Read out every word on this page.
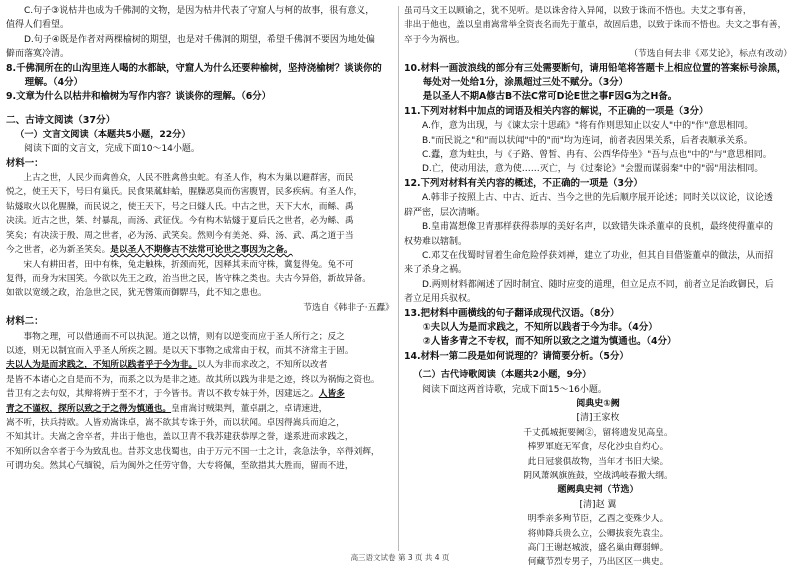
C.句子③说枯井也成为千佛洞的文物，是因为枯井代表了守窟人与柯的故事，很有意义，

值得人们看望。

D.句子④既是作者对两棵榆树的期望，也是对千佛洞的期望，希望千佛洞不要因为地处偏

僻而落寞冷清。

8.千佛洞所在的山沟里连人喝的水都缺，守窟人为什么还要种榆树，坚持浇榆树？谈谈你的

理解。（4分）

9.文章为什么以枯井和榆树为写作内容？谈谈你的理解。（6分）

二、古诗文阅读（37分）

（一）文言文阅读（本题共5小题，22分）

阅读下面的文言文，完成下面10～14小题。

材料一：

上古之世，人民少而禽兽众，人民不胜禽兽虫蛇。有圣人作，构木为巢以避群害，而民

悦之，使王天下，号曰有巢氏。民食果蓏蚌蛤，腥臊恶臭而伤害腹胃，民多疾病。有圣人作，

钻燧取火以化腥臊，而民说之，使王天下，号之曰燧人氏。中古之世，天下大水，而鲧、禹

决渎。近古之世，桀、纣暴乱，而汤、武征伐。今有构木钻燧于夏后氏之世者，必为鲧、禹

笑矣；有决渎于殷、周之世者，必为汤、武笑矣。然则今有美尧、舜、汤、武、禹之道于当

今之世者，必为新圣笑矣。是以圣人不期修古不法常可论世之事因为之备。

宋人有耕田者，田中有株，兔走触株，折颈而死，因释其耒而守株，冀复得兔。兔不可

复得，而身为宋国笑。今欲以先王之政，治当世之民，皆守株之类也。夫古今异俗，新故异备。

如欲以宽缓之政，治急世之民，犹无辔策而御駻马，此不知之患也。

节选自《韩非子·五蠹》

材料二：

事物之理，可以借通而不可以执泥。道之以情，则有以逆变而应于圣人所行之；反之

以迹，则无以制宜而入乎圣人所疾之圆。是以天下事物之成常由于权，而其不济常主于固。

夫以人为是而求践之，不知所以践者乎于今为非。以人为非而求改之，不知所以改者

是皆不本诸心之自是而不为，而系之以为是非之迹。故其所以践为非是之迹，终以为祸悔之资也。

昔卫有之去句奴，其辩将辨于至不才，于今皆书。青以不救专妹于外，因建远之。人皆多

青之不谨权，探所以致之于之得为慎通也。皇甫嵩讨贼渠判，董卓副之，卓请速进，

嵩不听，扶兵持欧。人皆劝嵩诛卓，嵩不欲其专诛于外，而以状闻。卓因得嵩兵而迫之，

不知其计。夫嵩之舍卒者，井出于他也，盖以卫青不我苏建获恭厚之誉，遂系进而求践之，

不知所以舍卒者于今为致乱也。昔苏文忠伐蜀也，由于万元不国一士之计，衾急法争，卒得刘辉，

可谓功矣。然其心气缅锐，后为闽外之任劳守鲁，大专将佩，至欲措其大胜而，留而不进，

虽司马文王以顾谕之，犹不见听。是以诛舍待入异闻，以致于诛而不悟也。夫艾之事有善，

非出于他也，盖以皇甫嵩常举全资丧名而先于董卓，故固后患，以致于诛而不悟也。夫文之事有善，

卒于今为祸也。

（节选自何去非《邓艾论》，标点有改动）

10.材料一画波浪线的部分有三处需要断句，请用铅笔将答题卡上相应位置的答案标号涂黑，

每处对一处给1分，涂黑超过三处不赋分。（3分）

是以圣人不期A修古B不法C常可D论E世之事F因G为之H备。

11.下列对材料中加点的词语及相关内容的解说，不正确的一项是（3分）

A.作，意为出现，与《谏太宗十思疏》"将有作则思知止以安人"中的"作"意思相同。

B."而民说之"和"而以状闻"中的"而"均为连词，前者表因果关系，后者表顺承关系。

C.蠹，意为蛀虫，与《子路、曾皙、冉有、公西华侍坐》"吾与点也"中的"与"意思相同。

D.亡，使动用法，意为使……灭亡，与《过秦论》"会盟而谋弱秦"中的"弱"用法相同。

12.下列对材料有关内容的概述，不正确的一项是（3分）

A.韩非子按照上古、中古、近古、当今之世的先后顺序展开论述；同时关以议论，议论透

辟严密，层次清晰。

B.皇甫嵩想像卫青那样获得恭厚的美好名声，以致错失诛杀董卓的良机，最终使得董卓的

权势难以辖制。

C.邓艾在伐蜀时冒着生命危险俘获刘禅，建立了功业，但其自目借鉴董卓的做法，从而招

来了杀身之祸。

D.两则材料都阐述了因时制宜、随时应变的道理，但立足点不同，前者立足治政御民，后

者立足用兵驭权。

13.把材料中画横线的句子翻译成现代汉语。（8分）

①夫以人为是而求践之，不知所以践者于今为非。（4分）

②人皆多青之不专权，而不知所以致之之道为慎通也。（4分）

14.材料一第二段是如何说理的？请简要分析。（5分）

（二）古代诗歌阅读（本题共2小题，9分）

阅读下面这两首诗歌，完成下面15～16小题。

阅典史①阙

[清]王家枚

千丈孤城扼要阙②，留将遗发见高皇。

棒罗軍庭无军食，尽化沙虫自灼心。

此日冠裳俱故物，当年才书旧大梁。

阴风萧飒旗旌鼓，空战鸿岐春撤大纲。

题阙典史祠（节选）

[清]赵 翼

明季亲多殉节臣，乙酉之变殊少人。

将帅降兵贵么立，公卿拔衮先袁尘。

高门王谢赵城波，盛名巢由輝弱蝉。

何藏节烈专男子，乃出区区一典史。

高三语文试卷 第 3 页 共 4 页
